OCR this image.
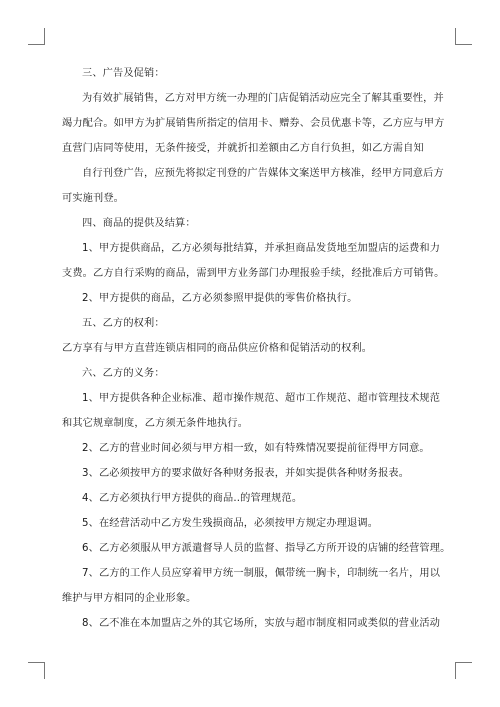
三、广告及促销：
为有效扩展销售，乙方对甲方统一办理的门店促销活动应完全了解其重要性，并
竭力配合。如甲方为扩展销售所指定的信用卡、赠券、会员优惠卡等，乙方应与甲方
直营门店同等使用，无条件接受，并就折扣差额由乙方自行负担，如乙方需自知
自行刊登广告，应预先将拟定刊登的广告媒体文案送甲方核准，经甲方同意后方
可实施刊登。
四、商品的提供及结算：
1、甲方提供商品，乙方必须每批结算，并承担商品发货地至加盟店的运费和力
支费。乙方自行采购的商品，需到甲方业务部门办理报验手续，经批准后方可销售。
2、甲方提供的商品，乙方必须参照甲提供的零售价格执行。
五、乙方的权利：
乙方享有与甲方直营连锁店相同的商品供应价格和促销活动的权利。
六、乙方的义务：
1、甲方提供各种企业标准、超市操作规范、超市工作规范、超市管理技术规范
和其它规章制度，乙方须无条件地执行。
2、乙方的营业时间必须与甲方相一致，如有特殊情况要提前征得甲方同意。
3、乙必须按甲方的要求做好各种财务报表，并如实提供各种财务报表。
4、乙方必须执行甲方提供的商品..的管理规范。
5、在经营活动中乙方发生残损商品，必须按甲方规定办理退调。
6、乙方必须服从甲方派遣督导人员的监督、指导乙方所开设的店铺的经营管理。
7、乙方的工作人员应穿着甲方统一制服，佩带统一胸卡，印制统一名片，用以
维护与甲方相同的企业形象。
8、乙不准在本加盟店之外的其它场所，实放与超市制度相同或类似的营业活动
